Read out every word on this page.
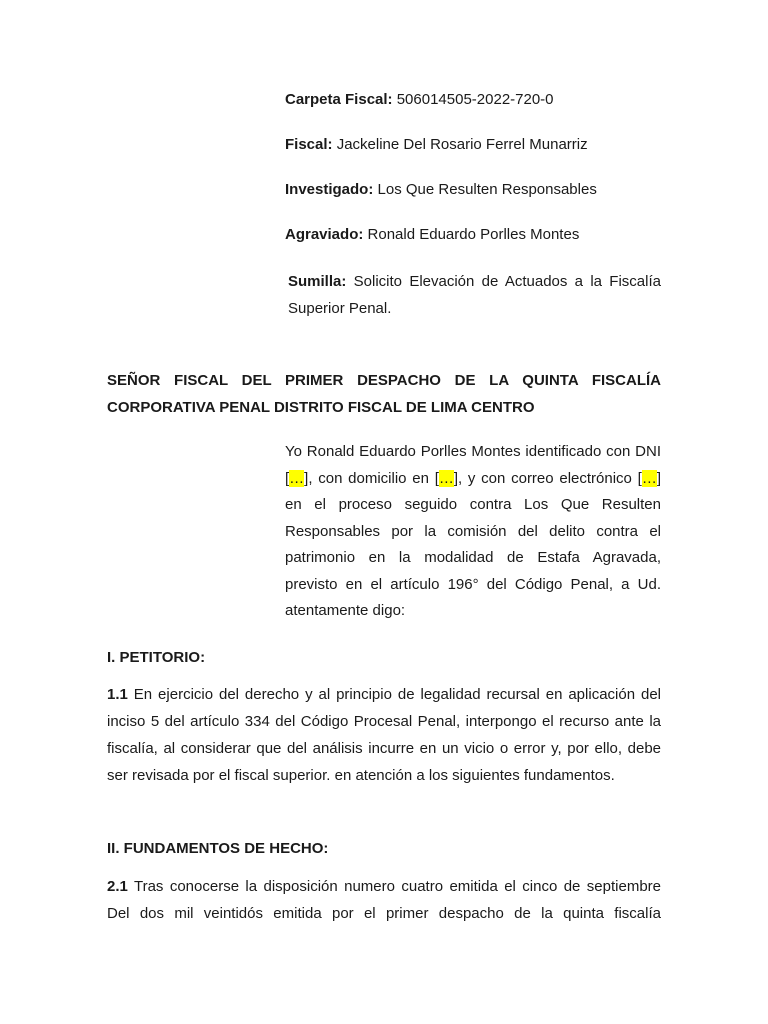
Carpeta Fiscal: 506014505-2022-720-0
Fiscal: Jackeline Del Rosario Ferrel Munarriz
Investigado: Los Que Resulten Responsables
Agraviado: Ronald Eduardo Porlles Montes
Sumilla: Solicito Elevación de Actuados a la Fiscalía Superior Penal.
SEÑOR FISCAL DEL PRIMER DESPACHO DE LA QUINTA FISCALÍA
CORPORATIVA PENAL DISTRITO FISCAL DE LIMA CENTRO
Yo Ronald Eduardo Porlles Montes identificado con DNI […], con domicilio en […], y con correo electrónico […] en el proceso seguido contra Los Que Resulten Responsables por la comisión del delito contra el patrimonio en la modalidad de Estafa Agravada, previsto en el artículo 196° del Código Penal, a Ud. atentamente digo:
I. PETITORIO:
1.1 En ejercicio del derecho y al principio de legalidad recursal en aplicación del inciso 5 del artículo 334 del Código Procesal Penal, interpongo el recurso ante la fiscalía, al considerar que del análisis incurre en un vicio o error y, por ello, debe ser revisada por el fiscal superior. en atención a los siguientes fundamentos.
II. FUNDAMENTOS DE HECHO:
2.1 Tras conocerse la disposición numero cuatro emitida el cinco de septiembre Del dos mil veintidós emitida por el primer despacho de la quinta fiscalía
